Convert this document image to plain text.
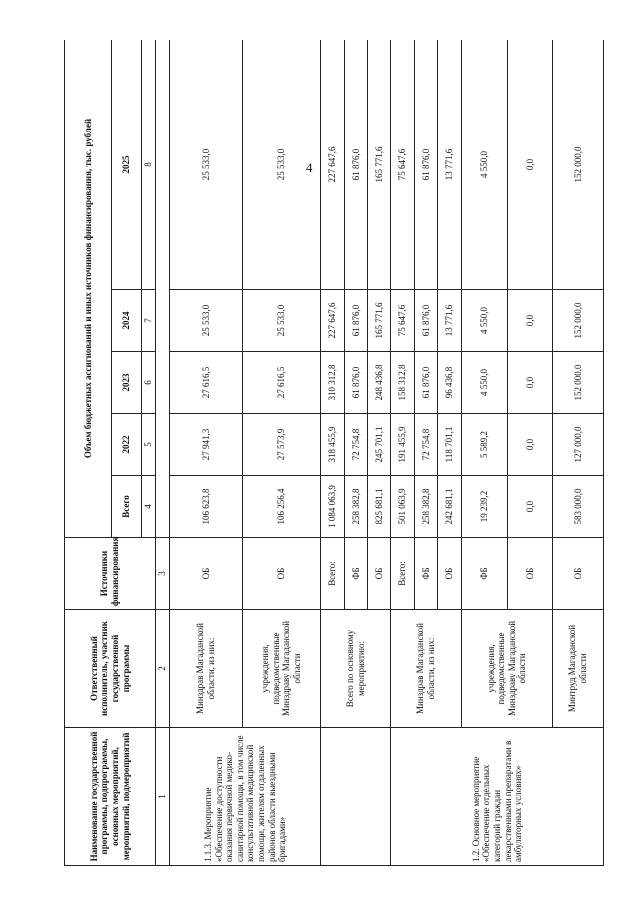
4
Наименование государственной программы, подпрограммы, основных мероприятий, мероприятий, подмероприятий	Ответственный исполнитель, участник государственной программы	Источники финансирования	Объем бюджетных ассигнований и иных источников финансирования, тыс. рублей				
			Всего	2022	2023	2024	2025
			4	5	6	7	8
1	2	3					
1.1.3. Мероприятие «Обеспечение доступности оказания первичной медико-санитарной помощи, в том числе консультативной медицинской помощи, жителям отдаленных районов области выездными бригадами»	Минздрав Магаданской области, из них:	ОБ	106 623,8	27 941,3	27 616,5	25 533,0	25 533,0
	учреждения, подведомственные Минздраву Магаданской области	ОБ	106 256,4	27 573,9	27 616,5	25 533,0	25 533,0
	Всего по основному мероприятию:	Всего:	1 084 063,9	318 455,9	310 312,8	227 647,6	227 647,6
		ФБ	258 382,8	72 754,8	61 876,0	61 876,0	61 876,0
		ОБ	825 681,1	245 701,1	248 436,8	165 771,6	165 771,6
1.2. Основное мероприятие «Обеспечение отдельных категорий граждан лекарственными препаратами в амбулаторных условиях»	Минздрав Магаданской области, из них:	Всего:	501 063,9	191 455,9	158 312,8	75 647,6	75 647,6
		ФБ	258 382,8	72 754,8	61 876,0	61 876,0	61 876,0
		ОБ	242 681,1	118 701,1	96 436,8	13 771,6	13 771,6
	учреждения, подведомственные Минздраву Магаданской области	ФБ	19 239,2	5 589,2	4 550,0	4 550,0	4 550,0
		ОБ	0,0	0,0	0,0	0,0	0,0
	Минтруд Магаданской области	ОБ	583 000,0	127 000,0	152 000,0	152 000,0	152 000,0
